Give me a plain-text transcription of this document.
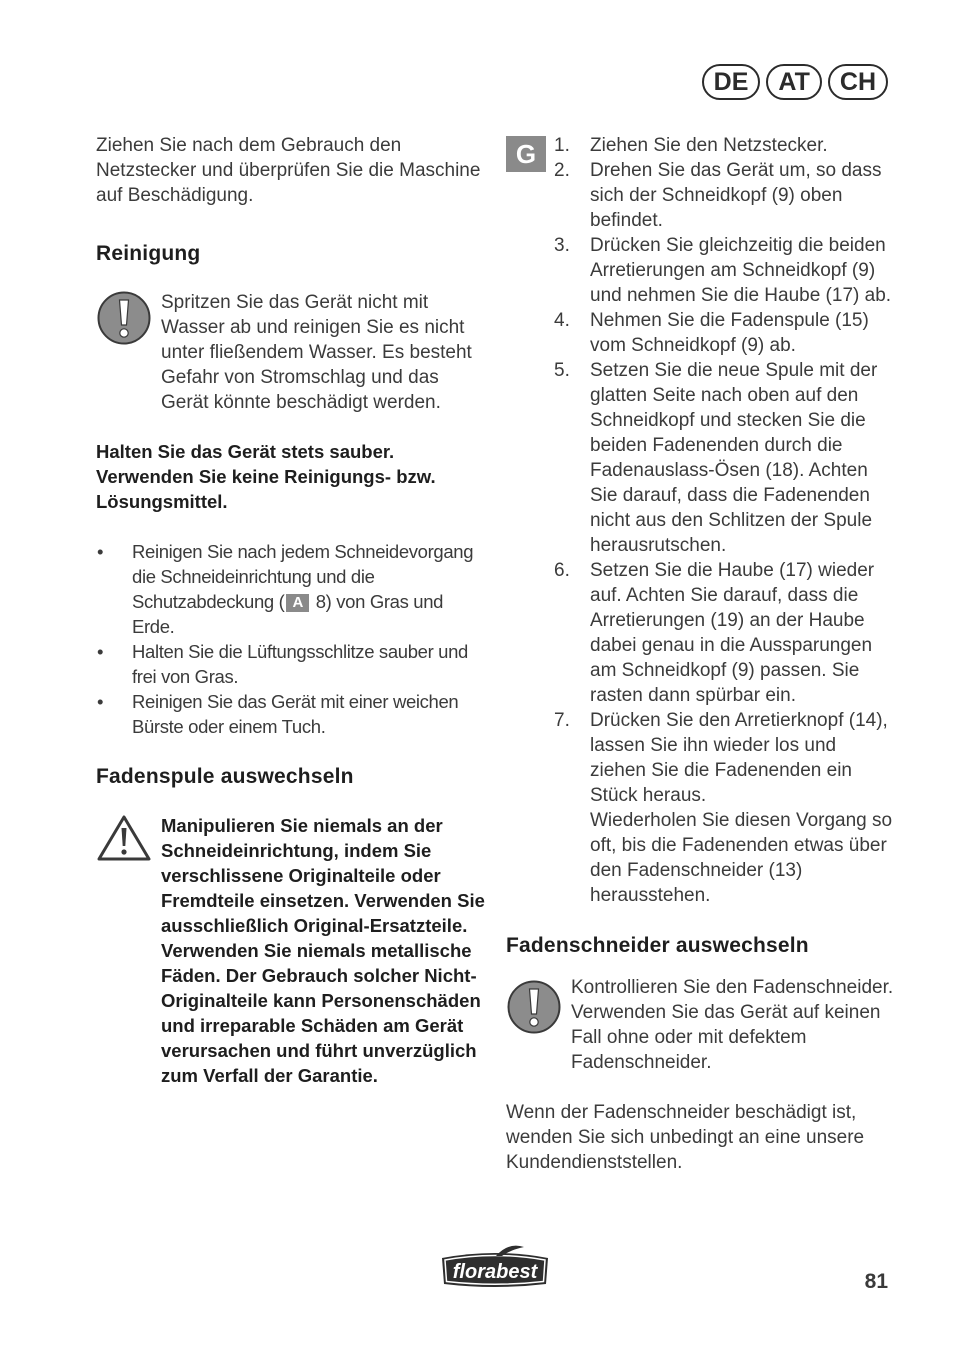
DE	AT	CH

Ziehen Sie nach dem Gebrauch den Netzstecker und überprüfen Sie die Maschine auf Beschädigung.

Reinigung

Spritzen Sie das Gerät nicht mit Wasser ab und reinigen Sie es nicht unter fließendem Wasser. Es besteht Gefahr von Stromschlag und das Gerät könnte beschädigt werden.

Halten Sie das Gerät stets sauber. Verwenden Sie keine Reinigungs- bzw. Lösungsmittel.

• Reinigen Sie nach jedem Schneidevorgang die Schneideinrichtung und die Schutzabdeckung ( A 8) von Gras und Erde.
• Halten Sie die Lüftungsschlitze sauber und frei von Gras.
• Reinigen Sie das Gerät mit einer weichen Bürste oder einem Tuch.
Fadenspule auswechseln

Manipulieren Sie niemals an der Schneideinrichtung, indem Sie verschlissene Originalteile oder Fremdteile einsetzen. Verwenden Sie ausschließlich Original-Ersatzteile. Verwenden Sie niemals metallische Fäden. Der Gebrauch solcher Nicht-Originalteile kann Personenschäden und irreparable Schäden am Gerät verursachen und führt unverzüglich zum Verfall der Garantie.

G 1. Ziehen Sie den Netzstecker.
2. Drehen Sie das Gerät um, so dass sich der Schneidkopf (9) oben befindet.
3. Drücken Sie gleichzeitig die beiden Arretierungen am Schneidkopf (9) und nehmen Sie die Haube (17) ab.
4. Nehmen Sie die Fadenspule (15) vom Schneidkopf (9) ab.
5. Setzen Sie die neue Spule mit der glatten Seite nach oben auf den Schneidkopf und stecken Sie die beiden Fadenenden durch die Fadenauslass-Ösen (18). Achten Sie darauf, dass die Fadenenden nicht aus den Schlitzen der Spule herausrutschen.
6. Setzen Sie die Haube (17) wieder auf. Achten Sie darauf, dass die Arretierungen (19) an der Haube dabei genau in die Aussparungen am Schneidkopf (9) passen. Sie rasten dann spürbar ein.
7. Drücken Sie den Arretierknopf (14), lassen Sie ihn wieder los und ziehen Sie die Fadenenden ein Stück heraus.
Wiederholen Sie diesen Vorgang so oft, bis die Fadenenden etwas über den Fadenschneider (13) herausstehen.
Fadenschneider auswechseln

Kontrollieren Sie den Fadenschneider. Verwenden Sie das Gerät auf keinen Fall ohne oder mit defektem Fadenschneider.

Wenn der Fadenschneider beschädigt ist, wenden Sie sich unbedingt an eine unsere Kundendienststellen.

florabest	81
